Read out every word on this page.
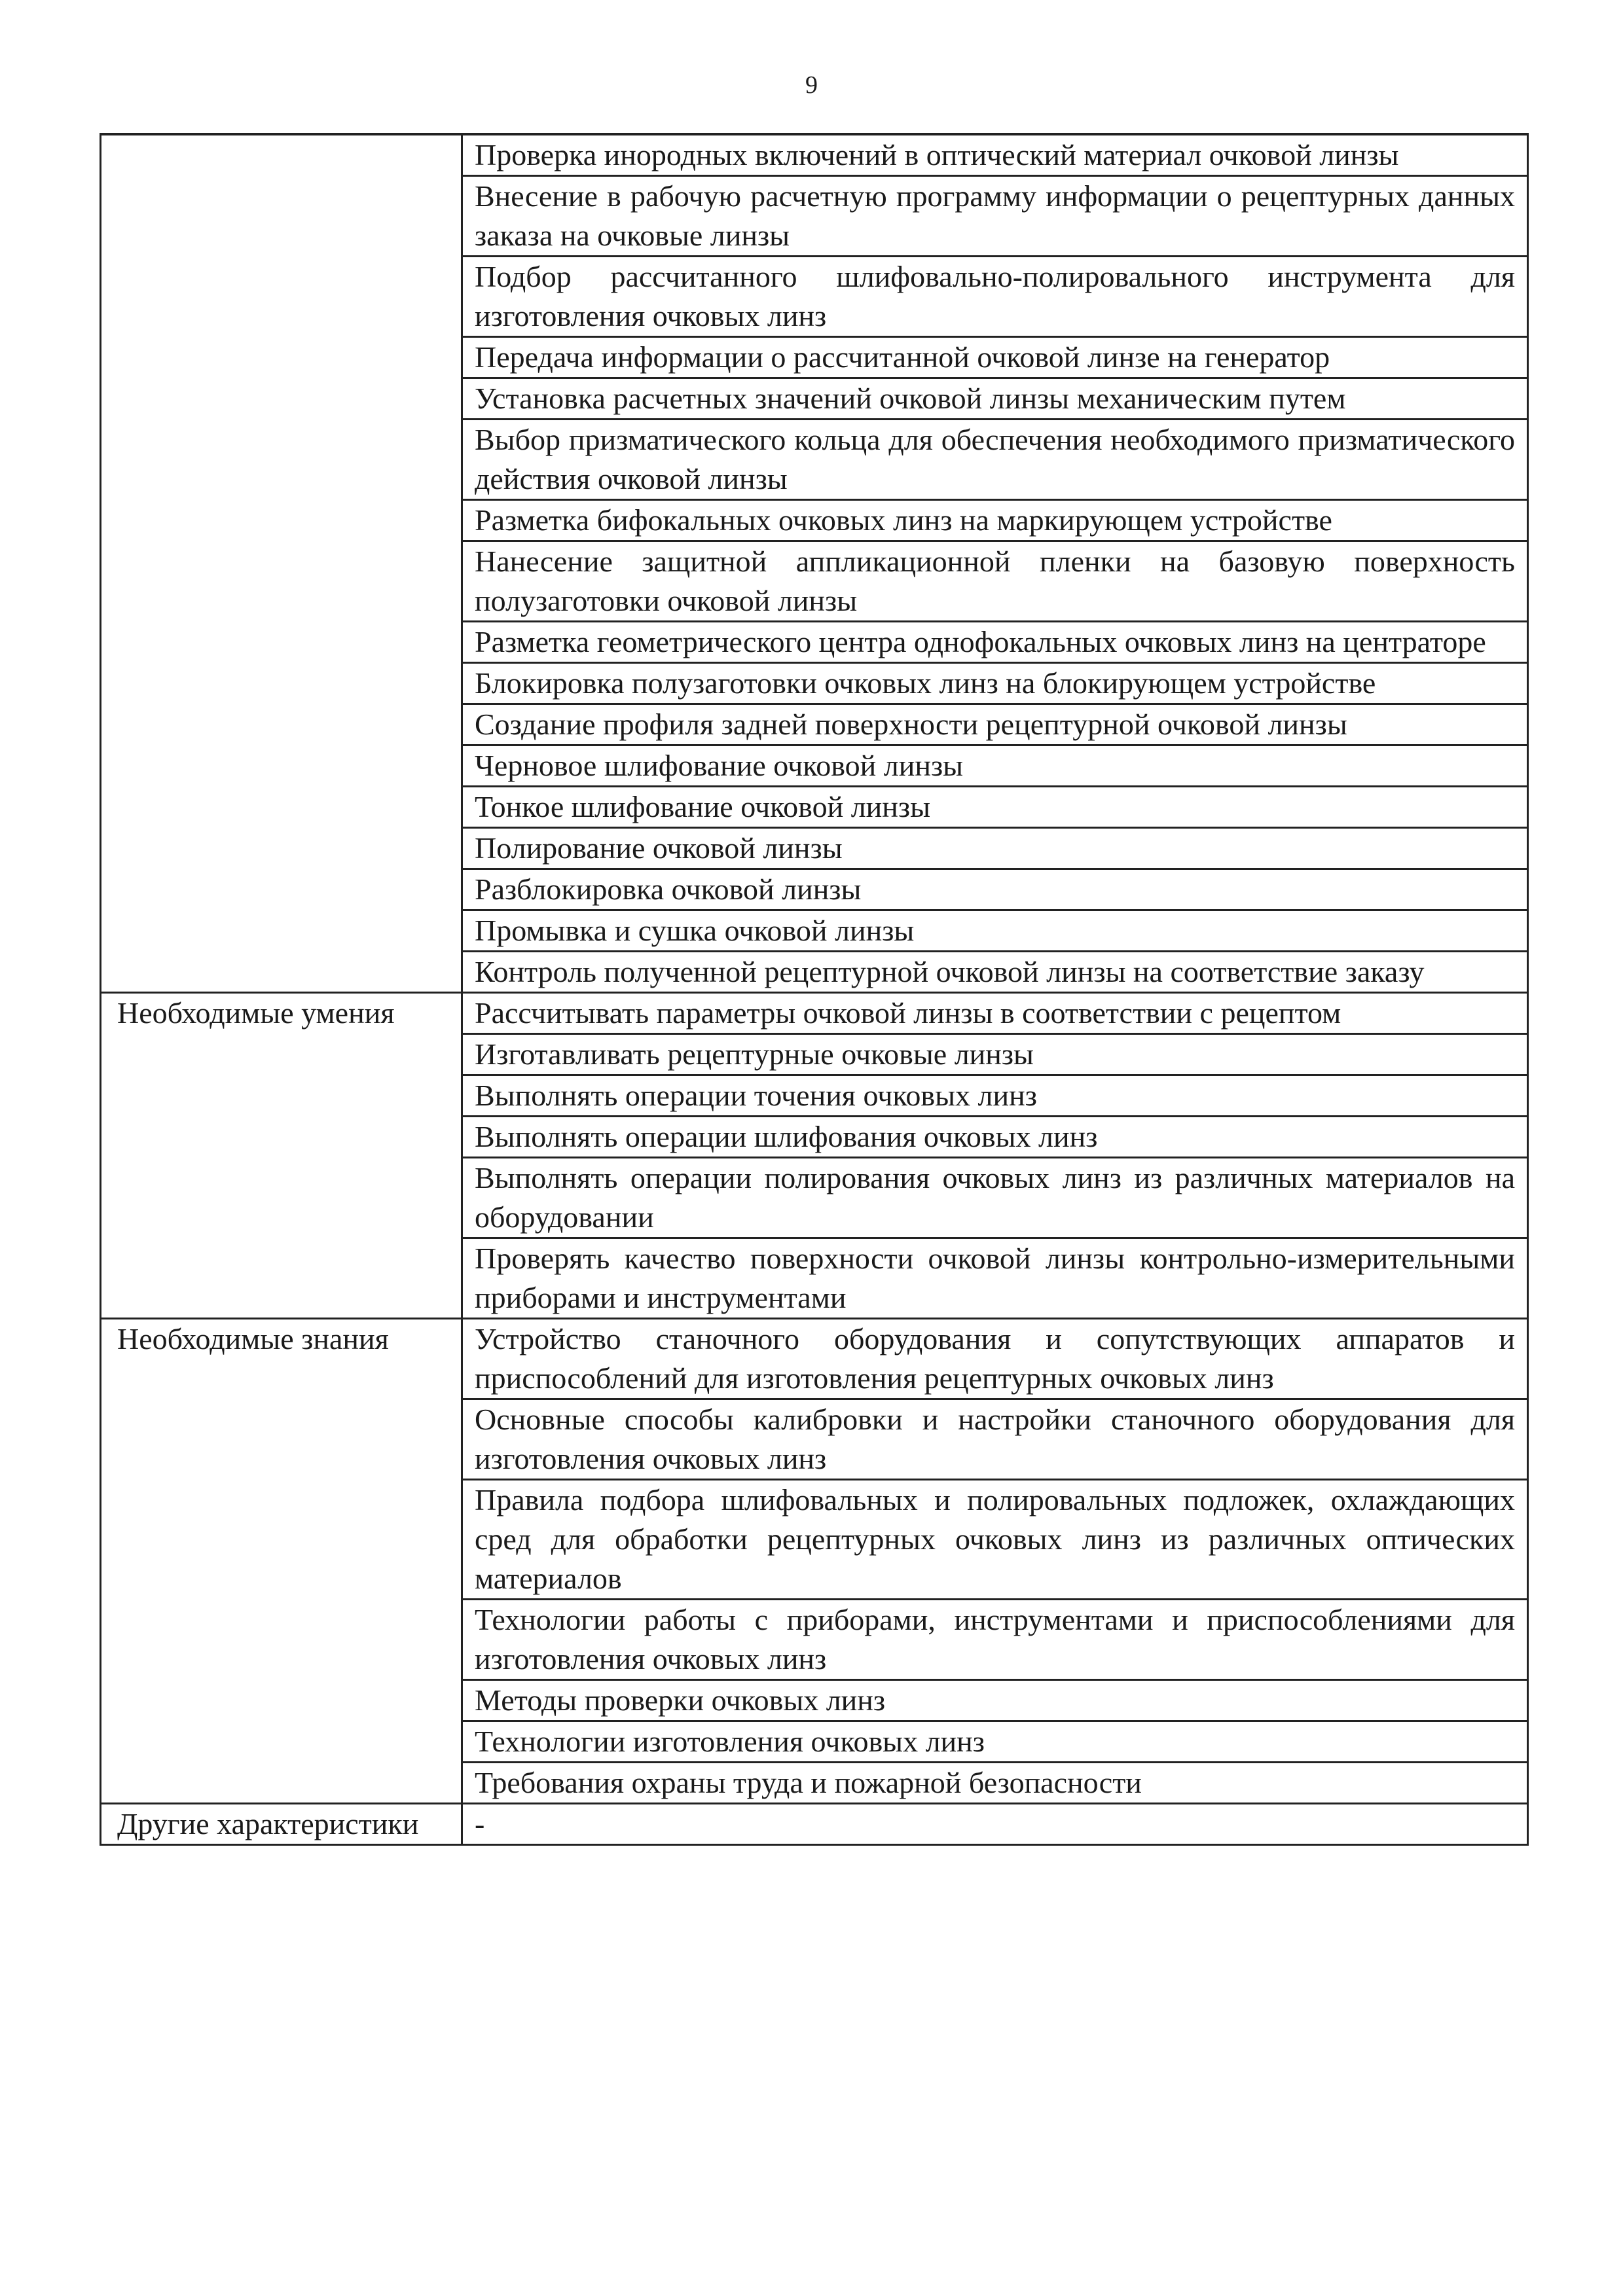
9
	Проверка инородных включений в оптический материал очковой линзы
	Внесение в рабочую расчетную программу информации о рецептурных данных заказа на очковые линзы
	Подбор рассчитанного шлифовально-полировального инструмента для изготовления очковых линз
	Передача информации о рассчитанной очковой линзе на генератор
	Установка расчетных значений очковой линзы механическим путем
	Выбор призматического кольца для обеспечения необходимого призматического действия очковой линзы
	Разметка бифокальных очковых линз на маркирующем устройстве
	Нанесение защитной аппликационной пленки на базовую поверхность полузаготовки очковой линзы
	Разметка геометрического центра однофокальных очковых линз на центраторе
	Блокировка полузаготовки очковых линз на блокирующем устройстве
	Создание профиля задней поверхности рецептурной очковой линзы
	Черновое шлифование очковой линзы
	Тонкое шлифование очковой линзы
	Полирование очковой линзы
	Разблокировка очковой линзы
	Промывка и сушка очковой линзы
	Контроль полученной рецептурной очковой линзы на соответствие заказу
Необходимые умения	Рассчитывать параметры очковой линзы в соответствии с рецептом
	Изготавливать рецептурные очковые линзы
	Выполнять операции точения очковых линз
	Выполнять операции шлифования очковых линз
	Выполнять операции полирования очковых линз из различных материалов на оборудовании
	Проверять качество поверхности очковой линзы контрольно-измерительными приборами и инструментами
Необходимые знания	Устройство станочного оборудования и сопутствующих аппаратов и приспособлений для изготовления рецептурных очковых линз
	Основные способы калибровки и настройки станочного оборудования для изготовления очковых линз
	Правила подбора шлифовальных и полировальных подложек, охлаждающих сред для обработки рецептурных очковых линз из различных оптических материалов
	Технологии работы с приборами, инструментами и приспособлениями для изготовления очковых линз
	Методы проверки очковых линз
	Технологии изготовления очковых линз
	Требования охраны труда и пожарной безопасности
Другие характеристики	-
